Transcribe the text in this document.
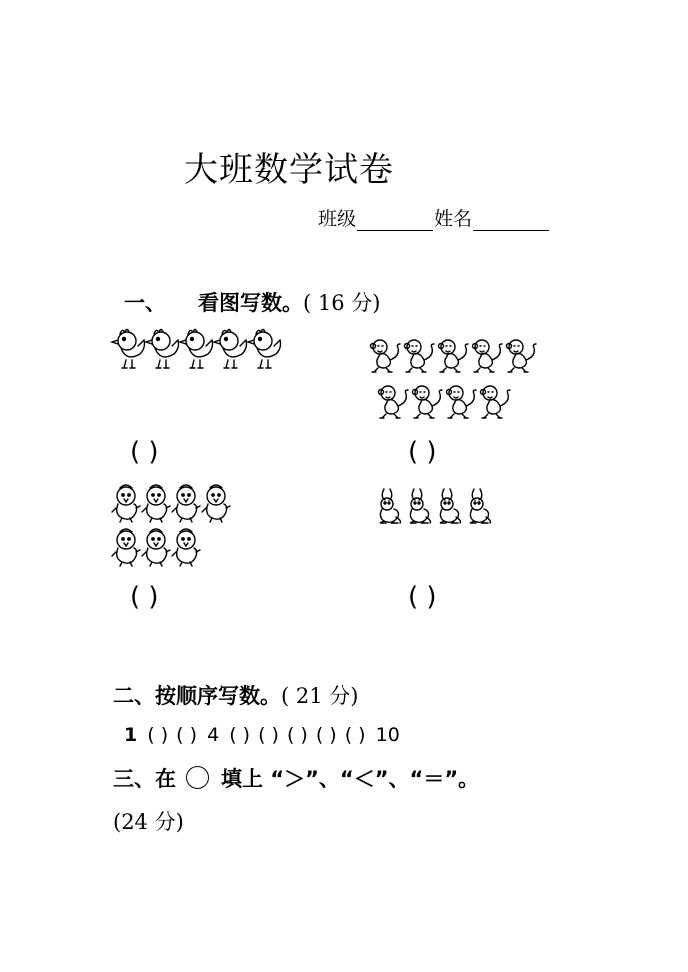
大班数学试卷
班级	姓名
一、 看图写数。( 16 分)
( )	( )
( )	( )
二、按顺序写数。( 21 分)
1 ( ) ( ) 4 ( ) ( ) ( ) ( ) ( ) 10
三、在 填上 “＞”、“＜”、“＝”。
(24 分)
